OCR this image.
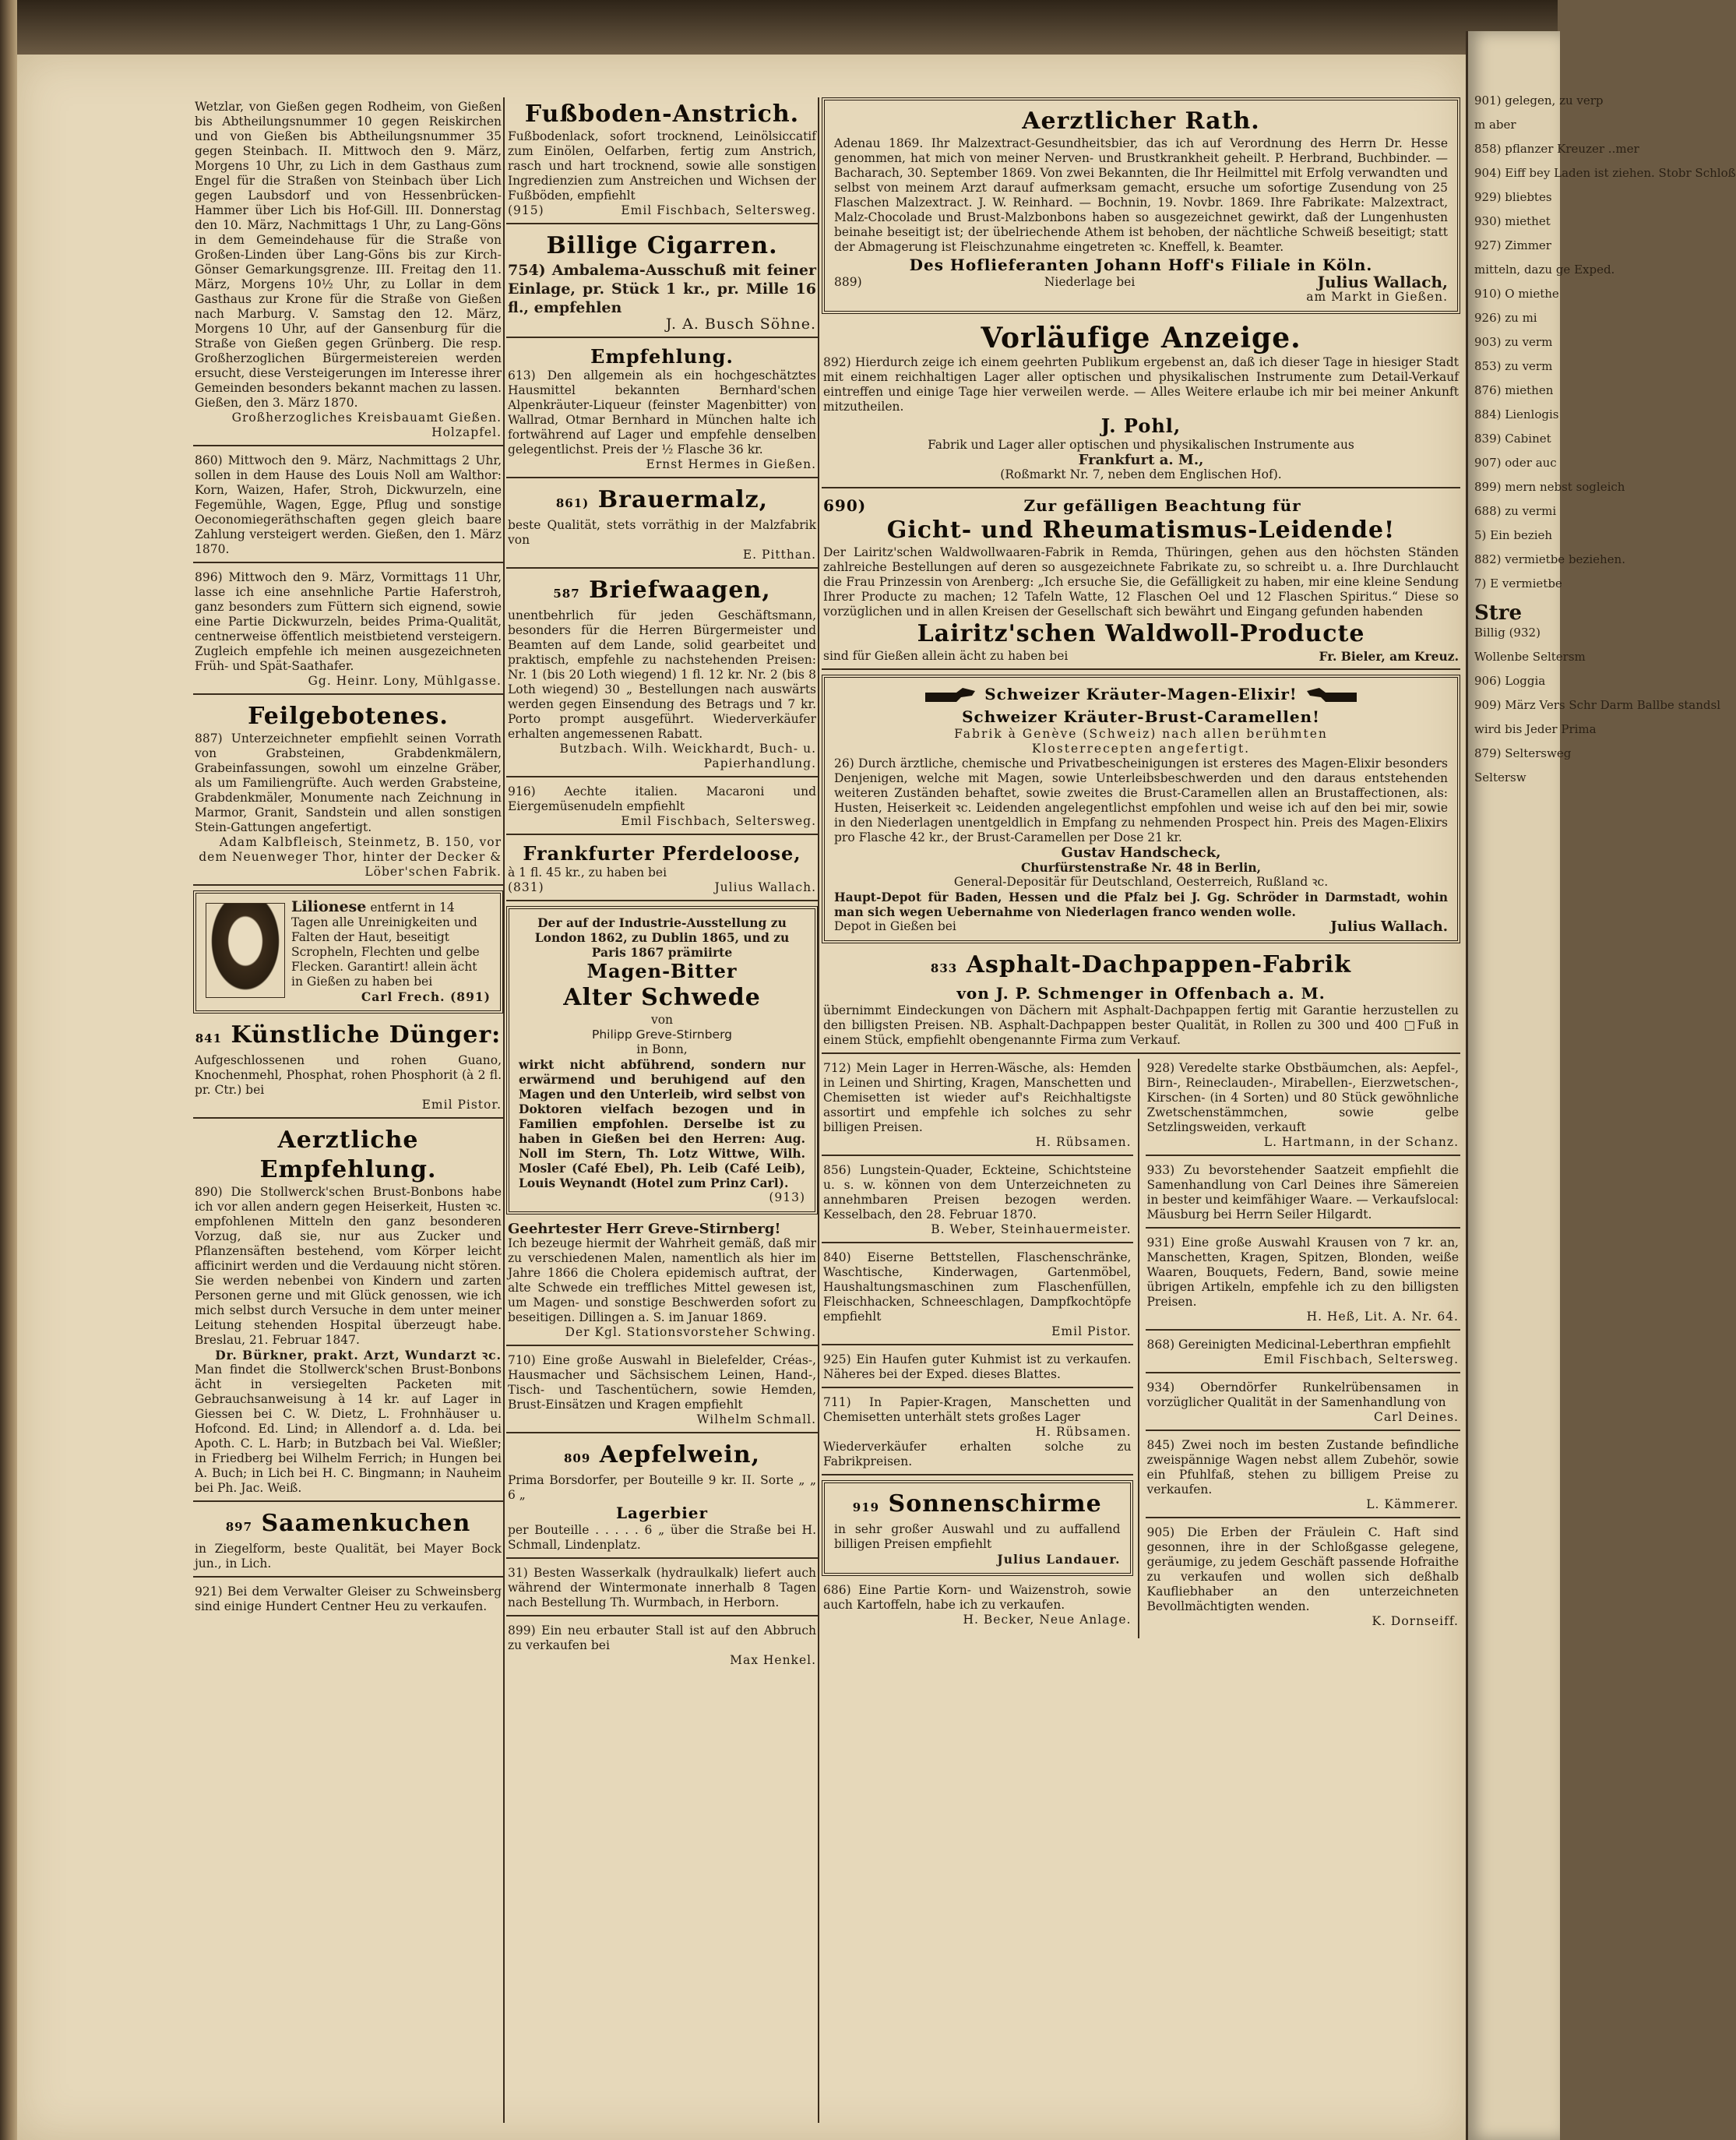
Wetzlar, von Gießen gegen Rodheim, von Gießen bis Abtheilungsnummer 10 gegen Reiskirchen und von Gießen bis Abtheilungsnummer 35 gegen Steinbach. II. Mittwoch den 9. März, Morgens 10 Uhr, zu Lich in dem Gasthaus zum Engel für die Straßen von Steinbach über Lich gegen Laubsdorf und von Hessenbrücken-Hammer über Lich bis Hof-Gill. III. Donnerstag den 10. März, Nachmittags 1 Uhr, zu Lang-Göns in dem Gemeindehause für die Straße von Großen-Linden über Lang-Göns bis zur Kirch-Gönser Gemarkungsgrenze. III. Freitag den 11. März, Morgens 10½ Uhr, zu Lollar in dem Gasthaus zur Krone für die Straße von Gießen nach Marburg. V. Samstag den 12. März, Morgens 10 Uhr, auf der Gansenburg für die Straße von Gießen gegen Grünberg. Die resp. Großherzoglichen Bürgermeistereien werden ersucht, diese Versteigerungen im Interesse ihrer Gemeinden besonders bekannt machen zu lassen. Gießen, den 3. März 1870.
Großherzogliches Kreisbauamt Gießen. Holzapfel.
860) Mittwoch den 9. März, Nachmittags 2 Uhr, sollen in dem Hause des Louis Noll am Walthor: Korn, Waizen, Hafer, Stroh, Dickwurzeln, eine Fegemühle, Wagen, Egge, Pflug und sonstige Oeconomiegeräthschaften gegen gleich baare Zahlung versteigert werden. Gießen, den 1. März 1870.
896) Mittwoch den 9. März, Vormittags 11 Uhr, lasse ich eine ansehnliche Partie Haferstroh, ganz besonders zum Füttern sich eignend, sowie eine Partie Dickwurzeln, beides Prima-Qualität, centnerweise öffentlich meistbietend versteigern. Zugleich empfehle ich meinen ausgezeichneten Früh- und Spät-Saathafer.
Gg. Heinr. Lony, Mühlgasse.
Feilgebotenes.
887) Unterzeichneter empfiehlt seinen Vorrath von Grabsteinen, Grabdenkmälern, Grabeinfassungen, sowohl um einzelne Gräber, als um Familiengrüfte. Auch werden Grabsteine, Grabdenkmäler, Monumente nach Zeichnung in Marmor, Granit, Sandstein und allen sonstigen Stein-Gattungen angefertigt.
Adam Kalbfleisch, Steinmetz, B. 150, vor dem Neuenweger Thor, hinter der Decker & Löber'schen Fabrik.
Lilionese entfernt in 14 Tagen alle Unreinigkeiten und Falten der Haut, beseitigt Scropheln, Flechten und gelbe Flecken. Garantirt! allein ächt in Gießen zu haben bei
Carl Frech. (891)
841 Künstliche Dünger:
Aufgeschlossenen und rohen Guano, Knochenmehl, Phosphat, rohen Phosphorit (à 2 fl. pr. Ctr.) bei
Emil Pistor.
Aerztliche Empfehlung.
890) Die Stollwerck'schen Brust-Bonbons habe ich vor allen andern gegen Heiserkeit, Husten ꝛc. empfohlenen Mitteln den ganz besonderen Vorzug, daß sie, nur aus Zucker und Pflanzensäften bestehend, vom Körper leicht afficinirt werden und die Verdauung nicht stören. Sie werden nebenbei von Kindern und zarten Personen gerne und mit Glück genossen, wie ich mich selbst durch Versuche in dem unter meiner Leitung stehenden Hospital überzeugt habe. Breslau, 21. Februar 1847.
Dr. Bürkner, prakt. Arzt, Wundarzt ꝛc.
Man findet die Stollwerck'schen Brust-Bonbons ächt in versiegelten Packeten mit Gebrauchsanweisung à 14 kr. auf Lager in Giessen bei C. W. Dietz, L. Frohnhäuser u. Hofcond. Ed. Lind; in Allendorf a. d. Lda. bei Apoth. C. L. Harb; in Butzbach bei Val. Wießler; in Friedberg bei Wilhelm Ferrich; in Hungen bei A. Buch; in Lich bei H. C. Bingmann; in Nauheim bei Ph. Jac. Weiß.
897 Saamenkuchen
in Ziegelform, beste Qualität, bei Mayer Bock jun., in Lich.
921) Bei dem Verwalter Gleiser zu Schweinsberg sind einige Hundert Centner Heu zu verkaufen.
Fußboden-Anstrich.
Fußbodenlack, sofort trocknend, Leinölsiccatif zum Einölen, Oelfarben, fertig zum Anstrich, rasch und hart trocknend, sowie alle sonstigen Ingredienzien zum Anstreichen und Wichsen der Fußböden, empfiehlt
(915)	Emil Fischbach, Seltersweg.
Billige Cigarren.
754) Ambalema-Ausschuß mit feiner Einlage, pr. Stück 1 kr., pr. Mille 16 fl., empfehlen
J. A. Busch Söhne.
Empfehlung.
613) Den allgemein als ein hochgeschätztes Hausmittel bekannten Bernhard'schen Alpenkräuter-Liqueur (feinster Magenbitter) von Wallrad, Otmar Bernhard in München halte ich fortwährend auf Lager und empfehle denselben gelegentlichst. Preis der ½ Flasche 36 kr.
Ernst Hermes in Gießen.
861) Brauermalz,
beste Qualität, stets vorräthig in der Malzfabrik von
E. Pitthan.
587 Briefwaagen,
unentbehrlich für jeden Geschäftsmann, besonders für die Herren Bürgermeister und Beamten auf dem Lande, solid gearbeitet und praktisch, empfehle zu nachstehenden Preisen: Nr. 1 (bis 20 Loth wiegend) 1 fl. 12 kr. Nr. 2 (bis 8 Loth wiegend) 30 „ Bestellungen nach auswärts werden gegen Einsendung des Betrags und 7 kr. Porto prompt ausgeführt. Wiederverkäufer erhalten angemessenen Rabatt.
Butzbach. Wilh. Weickhardt, Buch- u. Papierhandlung.
916) Aechte italien. Macaroni und Eiergemüsenudeln empfiehlt
Emil Fischbach, Seltersweg.
Frankfurter Pferdeloose,
à 1 fl. 45 kr., zu haben bei
(831)	Julius Wallach.
Der auf der Industrie-Ausstellung zu London 1862, zu Dublin 1865, und zu Paris 1867 prämiirte
Magen-Bitter
Alter Schwede
von
Philipp Greve-Stirnberg
in Bonn,
wirkt nicht abführend, sondern nur erwärmend und beruhigend auf den Magen und den Unterleib, wird selbst von Doktoren vielfach bezogen und in Familien empfohlen. Derselbe ist zu haben in Gießen bei den Herren: Aug. Noll im Stern, Th. Lotz Wittwe, Wilh. Mosler (Café Ebel), Ph. Leib (Café Leib), Louis Weynandt (Hotel zum Prinz Carl).
(913)
Geehrtester Herr Greve-Stirnberg!
Ich bezeuge hiermit der Wahrheit gemäß, daß mir zu verschiedenen Malen, namentlich als hier im Jahre 1866 die Cholera epidemisch auftrat, der alte Schwede ein treffliches Mittel gewesen ist, um Magen- und sonstige Beschwerden sofort zu beseitigen. Dillingen a. S. im Januar 1869.
Der Kgl. Stationsvorsteher Schwing.
710) Eine große Auswahl in Bielefelder, Créas-, Hausmacher und Sächsischem Leinen, Hand-, Tisch- und Taschentüchern, sowie Hemden, Brust-Einsätzen und Kragen empfiehlt
Wilhelm Schmall.
809 Aepfelwein,
Prima Borsdorfer, per Bouteille 9 kr. II. Sorte „ „ 6 „
Lagerbier
per Bouteille . . . . . 6 „ über die Straße bei H. Schmall, Lindenplatz.
31) Besten Wasserkalk (hydraulkalk) liefert auch während der Wintermonate innerhalb 8 Tagen nach Bestellung Th. Wurmbach, in Herborn.
899) Ein neu erbauter Stall ist auf den Abbruch zu verkaufen bei
Max Henkel.
Aerztlicher Rath.
Adenau 1869. Ihr Malzextract-Gesundheitsbier, das ich auf Verordnung des Herrn Dr. Hesse genommen, hat mich von meiner Nerven- und Brustkrankheit geheilt. P. Herbrand, Buchbinder. — Bacharach, 30. September 1869. Von zwei Bekannten, die Ihr Heilmittel mit Erfolg verwandten und selbst von meinem Arzt darauf aufmerksam gemacht, ersuche um sofortige Zusendung von 25 Flaschen Malzextract. J. W. Reinhard. — Bochnin, 19. Novbr. 1869. Ihre Fabrikate: Malzextract, Malz-Chocolade und Brust-Malzbonbons haben so ausgezeichnet gewirkt, daß der Lungenhusten beinahe beseitigt ist; der übelriechende Athem ist behoben, der nächtliche Schweiß beseitigt; statt der Abmagerung ist Fleischzunahme eingetreten ꝛc. Kneffell, k. Beamter.
Des Hoflieferanten Johann Hoff's Filiale in Köln.
889)	Niederlage bei	Julius Wallach,
am Markt in Gießen.
Vorläufige Anzeige.
892) Hierdurch zeige ich einem geehrten Publikum ergebenst an, daß ich dieser Tage in hiesiger Stadt mit einem reichhaltigen Lager aller optischen und physikalischen Instrumente zum Detail-Verkauf eintreffen und einige Tage hier verweilen werde. — Alles Weitere erlaube ich mir bei meiner Ankunft mitzutheilen.
J. Pohl,
Fabrik und Lager aller optischen und physikalischen Instrumente aus
Frankfurt a. M.,
(Roßmarkt Nr. 7, neben dem Englischen Hof).
690)	Zur gefälligen Beachtung für
Gicht- und Rheumatismus-Leidende!
Der Lairitz'schen Waldwollwaaren-Fabrik in Remda, Thüringen, gehen aus den höchsten Ständen zahlreiche Bestellungen auf deren so ausgezeichnete Fabrikate zu, so schreibt u. a. Ihre Durchlaucht die Frau Prinzessin von Arenberg: „Ich ersuche Sie, die Gefälligkeit zu haben, mir eine kleine Sendung Ihrer Producte zu machen; 12 Tafeln Watte, 12 Flaschen Oel und 12 Flaschen Spiritus.“ Diese so vorzüglichen und in allen Kreisen der Gesellschaft sich bewährt und Eingang gefunden habenden
Lairitz'schen Waldwoll-Producte
sind für Gießen allein ächt zu haben bei	Fr. Bieler, am Kreuz.
Schweizer Kräuter-Magen-Elixir!
Schweizer Kräuter-Brust-Caramellen!
Fabrik à Genève (Schweiz) nach allen berühmten
Klosterrecepten angefertigt.
26) Durch ärztliche, chemische und Privatbescheinigungen ist ersteres des Magen-Elixir besonders Denjenigen, welche mit Magen, sowie Unterleibsbeschwerden und den daraus entstehenden weiteren Zuständen behaftet, sowie zweites die Brust-Caramellen allen an Brustaffectionen, als: Husten, Heiserkeit ꝛc. Leidenden angelegentlichst empfohlen und weise ich auf den bei mir, sowie in den Niederlagen unentgeldlich in Empfang zu nehmenden Prospect hin. Preis des Magen-Elixirs pro Flasche 42 kr., der Brust-Caramellen per Dose 21 kr.
Gustav Handscheck,
Churfürstenstraße Nr. 48 in Berlin,
General-Depositär für Deutschland, Oesterreich, Rußland ꝛc.
Haupt-Depot für Baden, Hessen und die Pfalz bei J. Gg. Schröder in Darmstadt, wohin man sich wegen Uebernahme von Niederlagen franco wenden wolle.
Depot in Gießen bei	Julius Wallach.
833 Asphalt-Dachpappen-Fabrik
von J. P. Schmenger in Offenbach a. M.
übernimmt Eindeckungen von Dächern mit Asphalt-Dachpappen fertig mit Garantie herzustellen zu den billigsten Preisen. NB. Asphalt-Dachpappen bester Qualität, in Rollen zu 300 und 400 □Fuß in einem Stück, empfiehlt obengenannte Firma zum Verkauf.
712) Mein Lager in Herren-Wäsche, als: Hemden in Leinen und Shirting, Kragen, Manschetten und Chemisetten ist wieder auf's Reichhaltigste assortirt und empfehle ich solches zu sehr billigen Preisen.
H. Rübsamen.
856) Lungstein-Quader, Eckteine, Schichtsteine u. s. w. können von dem Unterzeichneten zu annehmbaren Preisen bezogen werden. Kesselbach, den 28. Februar 1870.
B. Weber, Steinhauermeister.
840) Eiserne Bettstellen, Flaschenschränke, Waschtische, Kinderwagen, Gartenmöbel, Haushaltungsmaschinen zum Flaschenfüllen, Fleischhacken, Schneeschlagen, Dampfkochtöpfe empfiehlt
Emil Pistor.
925) Ein Haufen guter Kuhmist ist zu verkaufen. Näheres bei der Exped. dieses Blattes.
711) In Papier-Kragen, Manschetten und Chemisetten unterhält stets großes Lager
H. Rübsamen.
Wiederverkäufer erhalten solche zu Fabrikpreisen.
919 Sonnenschirme
in sehr großer Auswahl und zu auffallend billigen Preisen empfiehlt
Julius Landauer.
686) Eine Partie Korn- und Waizenstroh, sowie auch Kartoffeln, habe ich zu verkaufen.
H. Becker, Neue Anlage.
928) Veredelte starke Obstbäumchen, als: Aepfel-, Birn-, Reineclauden-, Mirabellen-, Eierzwetschen-, Kirschen- (in 4 Sorten) und 80 Stück gewöhnliche Zwetschenstämmchen, sowie gelbe Setzlingsweiden, verkauft
L. Hartmann, in der Schanz.
933) Zu bevorstehender Saatzeit empfiehlt die Samenhandlung von Carl Deines ihre Sämereien in bester und keimfähiger Waare. — Verkaufslocal: Mäusburg bei Herrn Seiler Hilgardt.
931) Eine große Auswahl Krausen von 7 kr. an, Manschetten, Kragen, Spitzen, Blonden, weiße Waaren, Bouquets, Federn, Band, sowie meine übrigen Artikeln, empfehle ich zu den billigsten Preisen.
H. Heß, Lit. A. Nr. 64.
868) Gereinigten Medicinal-Leberthran empfiehlt
Emil Fischbach, Seltersweg.
934) Oberndörfer Runkelrübensamen in vorzüglicher Qualität in der Samenhandlung von
Carl Deines.
845) Zwei noch im besten Zustande befindliche zweispännige Wagen nebst allem Zubehör, sowie ein Pfuhlfaß, stehen zu billigem Preise zu verkaufen.
L. Kämmerer.
905) Die Erben der Fräulein C. Haft sind gesonnen, ihre in der Schloßgasse gelegene, geräumige, zu jedem Geschäft passende Hofraithe zu verkaufen und wollen sich deßhalb Kaufliebhaber an den unterzeichneten Bevollmächtigten wenden.
K. Dornseiff.
901) gelegen, zu verp
m aber
858) pflanzer Kreuzer ..mer
904) Eiff bey Laden ist ziehen. Stobr Schloß
929) bliebtes
930) miethet
927) Zimmer
mitteln, dazu ge Exped.
910) O miethe
926) zu mi
903) zu verm
853) zu verm
876) miethen
884) Lienlogis
839) Cabinet
907) oder auc
899) mern nebst sogleich
688) zu vermi
5) Ein bezieh
882) vermietbe beziehen.
7) E vermietbe
Stre
Billig (932)
Wollenbe Seltersm
906) Loggia
909) März Vers Schr Darm Ballbe standsl
wird bis Jeder Prima
879) Seltersweg
Seltersw
